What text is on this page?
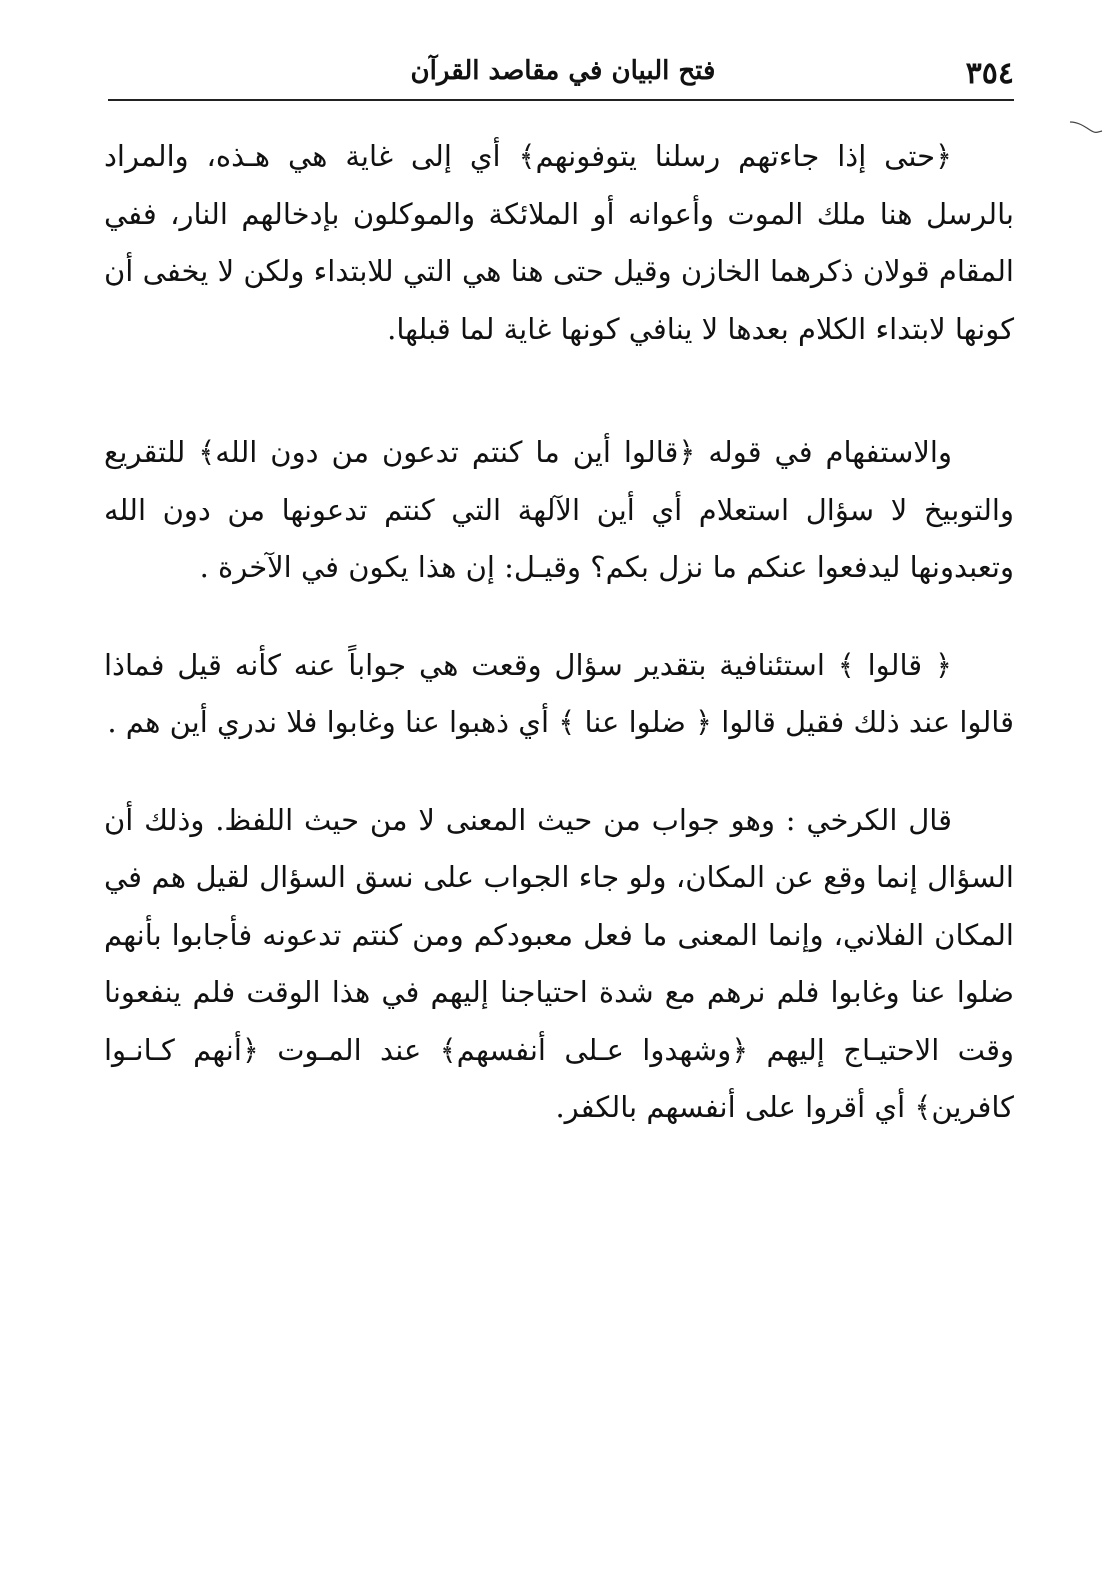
٣٥٤
فتح البيان في مقاصد القرآن

﴿حتى إذا جاءتهم رسلنا يتوفونهم﴾ أي إلى غاية هي هـذه، والمراد بالرسل هنا ملك الموت وأعوانه أو الملائكة والموكلون بإدخالهم النار، ففي المقام قولان ذكرهما الخازن وقيل حتى هنا هي التي للابتداء ولكن لا يخفى أن كونها لابتداء الكلام بعدها لا ينافي كونها غاية لما قبلها.

والاستفهام في قوله ﴿قالوا أين ما كنتم تدعون من دون الله﴾ للتقريع والتوبيخ لا سؤال استعلام أي أين الآلهة التي كنتم تدعونها من دون الله وتعبدونها ليدفعوا عنكم ما نزل بكم؟ وقيـل: إن هذا يكون في الآخرة .

﴿ قالوا ﴾ استئنافية بتقدير سؤال وقعت هي جواباً عنه كأنه قيل فماذا قالوا عند ذلك فقيل قالوا ﴿ ضلوا عنا ﴾ أي ذهبوا عنا وغابوا فلا ندري أين هم .

قال الكرخي : وهو جواب من حيث المعنى لا من حيث اللفظ. وذلك أن السؤال إنما وقع عن المكان، ولو جاء الجواب على نسق السؤال لقيل هم في المكان الفلاني، وإنما المعنى ما فعل معبودكم ومن كنتم تدعونه فأجابوا بأنهم ضلوا عنا وغابوا فلم نرهم مع شدة احتياجنا إليهم في هذا الوقت فلم ينفعونا وقت الاحتيـاج إليهم ﴿وشهدوا عـلى أنفسهم﴾ عند المـوت ﴿أنهم كـانـوا كافرين﴾ أي أقروا على أنفسهم بالكفر.
